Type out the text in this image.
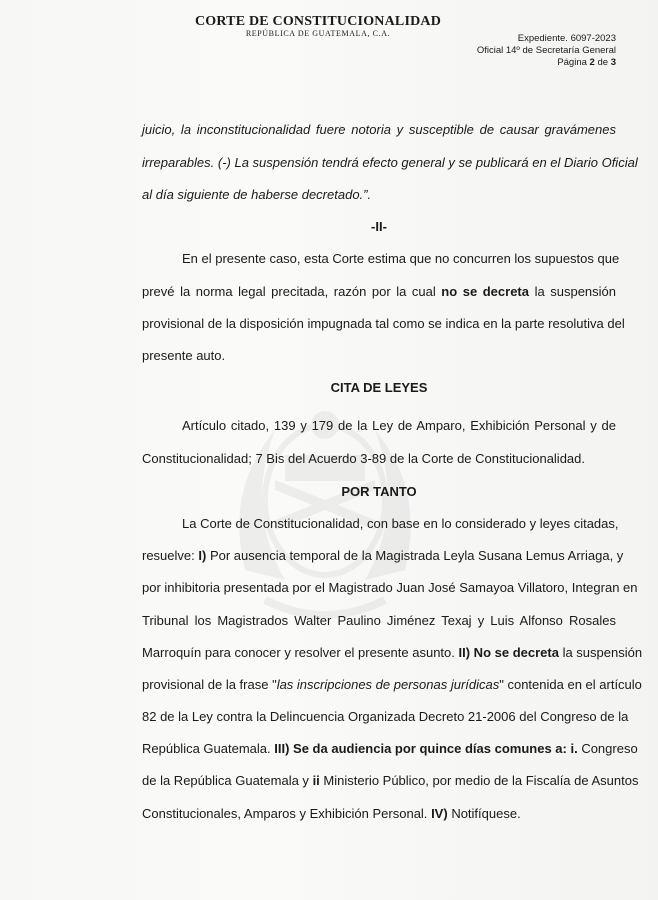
CORTE DE CONSTITUCIONALIDAD
REPÚBLICA DE GUATEMALA, C.A.	Expediente. 6097-2023
Oficial 14º de Secretaría General
Página 2 de 3
juicio, la inconstitucionalidad fuere notoria y susceptible de causar gravámenes
irreparables. (-) La suspensión tendrá efecto general y se publicará en el Diario Oficial
al día siguiente de haberse decretado.”.
-II-
En el presente caso, esta Corte estima que no concurren los supuestos que
prevé la norma legal precitada, razón por la cual no se decreta la suspensión
provisional de la disposición impugnada tal como se indica en la parte resolutiva del
presente auto.
CITA DE LEYES
Artículo citado, 139 y 179 de la Ley de Amparo, Exhibición Personal y de
Constitucionalidad; 7 Bis del Acuerdo 3-89 de la Corte de Constitucionalidad.
POR TANTO
La Corte de Constitucionalidad, con base en lo considerado y leyes citadas,
resuelve: I) Por ausencia temporal de la Magistrada Leyla Susana Lemus Arriaga, y
por inhibitoria presentada por el Magistrado Juan José Samayoa Villatoro, Integran en
Tribunal los Magistrados Walter Paulino Jiménez Texaj y Luis Alfonso Rosales
Marroquín para conocer y resolver el presente asunto. II) No se decreta la suspensión
provisional de la frase "las inscripciones de personas jurídicas" contenida en el artículo
82 de la Ley contra la Delincuencia Organizada Decreto 21-2006 del Congreso de la
República Guatemala. III) Se da audiencia por quince días comunes a: i. Congreso
de la República Guatemala y ii Ministerio Público, por medio de la Fiscalía de Asuntos
Constitucionales, Amparos y Exhibición Personal. IV) Notifíquese.
